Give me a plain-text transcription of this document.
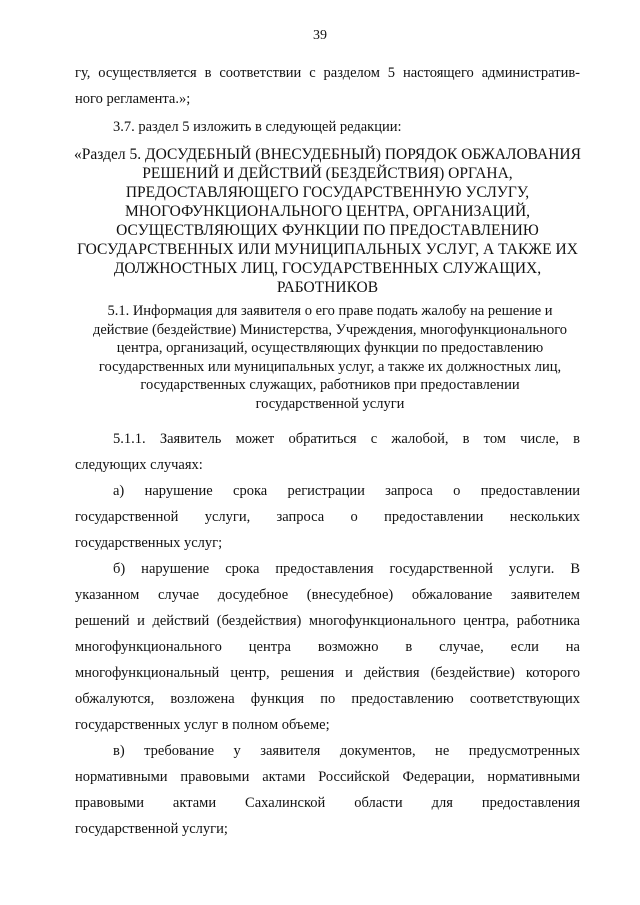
39
гу, осуществляется в соответствии с разделом 5 настоящего административ-
ного регламента.»;
3.7. раздел 5 изложить в следующей редакции:
«Раздел 5. ДОСУДЕБНЫЙ (ВНЕСУДЕБНЫЙ) ПОРЯДОК ОБЖАЛОВАНИЯ
РЕШЕНИЙ И ДЕЙСТВИЙ (БЕЗДЕЙСТВИЯ) ОРГАНА,
ПРЕДОСТАВЛЯЮЩЕГО ГОСУДАРСТВЕННУЮ УСЛУГУ,
МНОГОФУНКЦИОНАЛЬНОГО ЦЕНТРА, ОРГАНИЗАЦИЙ,
ОСУЩЕСТВЛЯЮЩИХ ФУНКЦИИ ПО ПРЕДОСТАВЛЕНИЮ
ГОСУДАРСТВЕННЫХ ИЛИ МУНИЦИПАЛЬНЫХ УСЛУГ, А ТАКЖЕ ИХ
ДОЛЖНОСТНЫХ ЛИЦ, ГОСУДАРСТВЕННЫХ СЛУЖАЩИХ,
РАБОТНИКОВ
5.1. Информация для заявителя о его праве подать жалобу на решение и
действие (бездействие) Министерства, Учреждения, многофункционального
центра, организаций, осуществляющих функции по предоставлению
государственных или муниципальных услуг, а также их должностных лиц,
государственных служащих, работников при предоставлении
государственной услуги
5.1.1. Заявитель может обратиться с жалобой, в том числе, в
следующих случаях:
а) нарушение срока регистрации запроса о предоставлении
государственной услуги, запроса о предоставлении нескольких
государственных услуг;
б) нарушение срока предоставления государственной услуги. В
указанном случае досудебное (внесудебное) обжалование заявителем
решений и действий (бездействия) многофункционального центра, работника
многофункционального центра возможно в случае, если на
многофункциональный центр, решения и действия (бездействие) которого
обжалуются, возложена функция по предоставлению соответствующих
государственных услуг в полном объеме;
в) требование у заявителя документов, не предусмотренных
нормативными правовыми актами Российской Федерации, нормативными
правовыми актами Сахалинской области для предоставления
государственной услуги;
